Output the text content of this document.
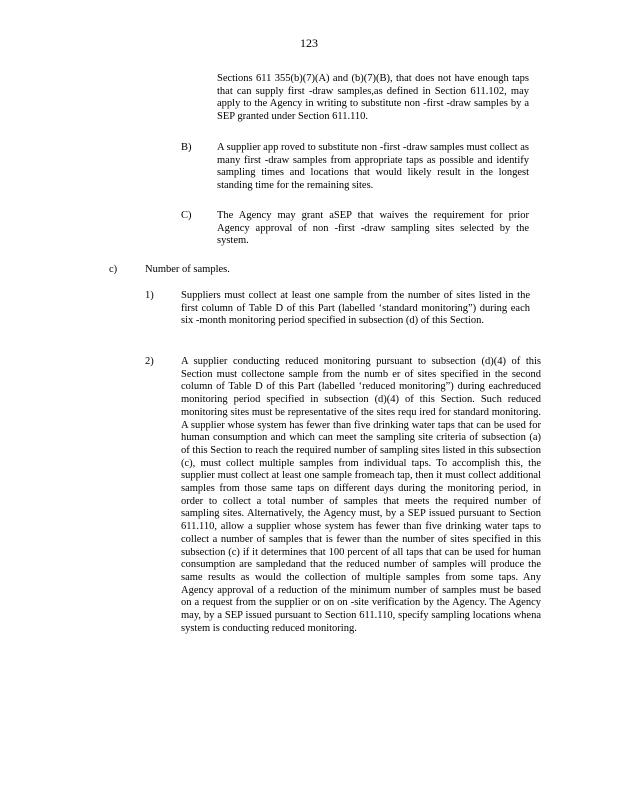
123
Sections 611 355(b)(7)(A) and (b)(7)(B), that does not have enough taps that can supply first -draw samples,as defined in Section 611.102, may apply to the Agency in writing to substitute non -first -draw samples by a SEP granted under Section 611.110.
B) A supplier app roved to substitute non -first -draw samples must collect as many first -draw samples from appropriate taps as possible and identify sampling times and locations that would likely result in the longest standing time for the remaining sites.
C) The Agency may grant aSEP that waives the requirement for prior Agency approval of non -first -draw sampling sites selected by the system.
c)	Number of samples.
1)	Suppliers must collect at least one sample from the number of sites listed in the first column of Table D of this Part (labelled ‘standard monitoring”) during each six -month monitoring period specified in subsection (d) of this Section.
2)	A supplier conducting reduced monitoring pursuant to subsection (d)(4) of this Section must collectone sample from the numb er of sites specified in the second column of Table D of this Part (labelled ‘reduced monitoring”) during eachreduced monitoring period specified in subsection (d)(4) of this Section. Such reduced monitoring sites must be representative of the sites requ ired for standard monitoring. A supplier whose system has fewer than five drinking water taps that can be used for human consumption and which can meet the sampling site criteria of subsection (a) of this Section to reach the required number of sampling sites listed in this subsection (c), must collect multiple samples from individual taps. To accomplish this, the supplier must collect at least one sample fromeach tap, then it must collect additional samples from those same taps on different days during the monitoring period, in order to collect a total number of samples that meets the required number of sampling sites. Alternatively, the Agency must, by a SEP issued pursuant to Section 611.110, allow a supplier whose system has fewer than five drinking water taps to collect a number of samples that is fewer than the number of sites specified in this subsection (c) if it determines that 100 percent of all taps that can be used for human consumption are sampledand that the reduced number of samples will produce the same results as would the collection of multiple samples from some taps. Any Agency approval of a reduction of the minimum number of samples must be based on a request from the supplier or on on -site verification by the Agency. The Agency may, by a SEP issued pursuant to Section 611.110, specify sampling locations whena system is conducting reduced monitoring.
